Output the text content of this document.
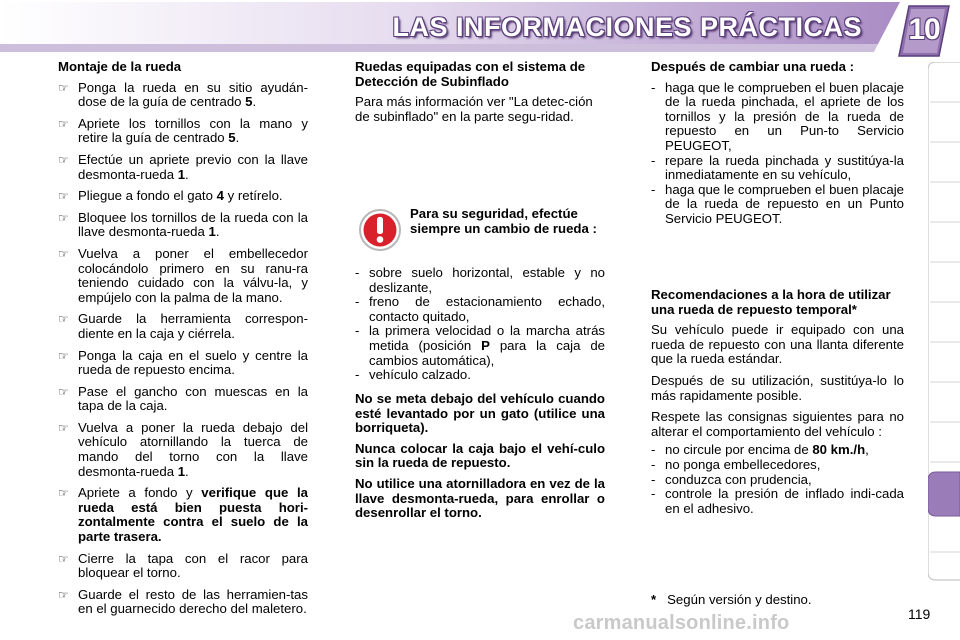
LAS INFORMACIONES PRÁCTICAS	10
Montaje de la rueda
☞ Ponga la rueda en su sitio ayudán-dose de la guía de centrado 5.
☞ Apriete los tornillos con la mano y retire la guía de centrado 5.
☞ Efectúe un apriete previo con la llave desmonta-rueda 1.
☞ Pliegue a fondo el gato 4 y retírelo.
☞ Bloquee los tornillos de la rueda con la llave desmonta-rueda 1.
☞ Vuelva a poner el embellecedor colocándolo primero en su ranu-ra teniendo cuidado con la válvu-la, y empújelo con la palma de la mano.
☞ Guarde la herramienta correspon-diente en la caja y ciérrela.
☞ Ponga la caja en el suelo y centre la rueda de repuesto encima.
☞ Pase el gancho con muescas en la tapa de la caja.
☞ Vuelva a poner la rueda debajo del vehículo atornillando la tuerca de mando del torno con la llave desmonta-rueda 1.
☞ Apriete a fondo y verifique que la rueda está bien puesta hori-zontalmente contra el suelo de la parte trasera.
☞ Cierre la tapa con el racor para bloquear el torno.
☞ Guarde el resto de las herramien-tas en el guarnecido derecho del maletero.
Ruedas equipadas con el sistema de Detección de Subinflado

Para más información ver "La detec-ción de subinflado" en la parte segu-ridad.

Para su seguridad, efectúe siempre un cambio de rueda :
- sobre suelo horizontal, estable y no deslizante,
- freno de estacionamiento echado, contacto quitado,
- la primera velocidad o la marcha atrás metida (posición P para la caja de cambios automática),
- vehículo calzado.

No se meta debajo del vehículo cuando esté levantado por un gato (utilice una borriqueta).

Nunca colocar la caja bajo el vehí-culo sin la rueda de repuesto.

No utilice una atornilladora en vez de la llave desmonta-rueda, para enrollar o desenrollar el torno.

Después de cambiar una rueda :
- haga que le comprueben el buen placaje de la rueda pinchada, el apriete de los tornillos y la presión de la rueda de repuesto en un Pun-to Servicio PEUGEOT,
- repare la rueda pinchada y sustitúya-la inmediatamente en su vehículo,
- haga que le comprueben el buen placaje de la rueda de repuesto en un Punto Servicio PEUGEOT.
Recomendaciones a la hora de utilizar una rueda de repuesto temporal*

Su vehículo puede ir equipado con una rueda de repuesto con una llanta diferente que la rueda estándar.

Después de su utilización, sustitúya-lo lo más rapidamente posible.

Respete las consignas siguientes para no alterar el comportamiento del vehículo :

- no circule por encima de 80 km./h,
- no ponga embellecedores,
- conduzca con prudencia,
- controle la presión de inflado indi-cada en el adhesivo.
* Según versión y destino.
carmanualsonline.info	119
